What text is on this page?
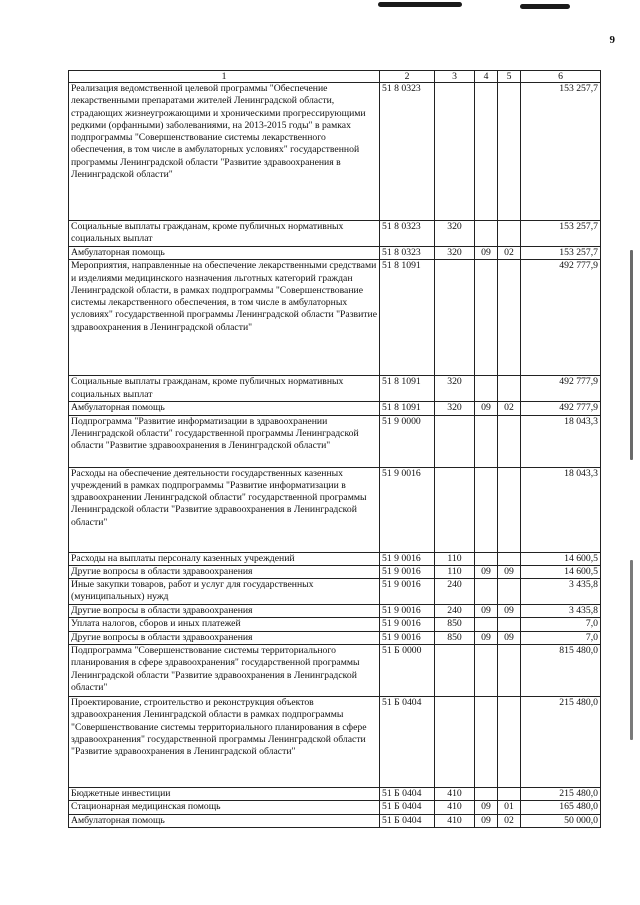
9
1	2	3	4	5	6
Реализация ведомственной целевой программы "Обеспечение лекарственными препаратами жителей Ленинградской области, страдающих жизнеугрожающими и хроническими прогрессирующими редкими (орфанными) заболеваниями, на 2013-2015 годы" в рамках подпрограммы "Совершенствование системы лекарственного обеспечения, в том числе в амбулаторных условиях" государственной программы Ленинградской области "Развитие здравоохранения в Ленинградской области"	51 8 0323				153 257,7
Социальные выплаты гражданам, кроме публичных нормативных социальных выплат	51 8 0323	320			153 257,7
Амбулаторная помощь	51 8 0323	320	09	02	153 257,7
Мероприятия, направленные на обеспечение лекарственными средствами и изделиями медицинского назначения льготных категорий граждан Ленинградской области, в рамках подпрограммы "Совершенствование системы лекарственного обеспечения, в том числе в амбулаторных условиях" государственной программы Ленинградской области "Развитие здравоохранения в Ленинградской области"	51 8 1091				492 777,9
Социальные выплаты гражданам, кроме публичных нормативных социальных выплат	51 8 1091	320			492 777,9
Амбулаторная помощь	51 8 1091	320	09	02	492 777,9
Подпрограмма "Развитие информатизации в здравоохранении Ленинградской области" государственной программы Ленинградской области "Развитие здравоохранения в Ленинградской области"	51 9 0000				18 043,3
Расходы на обеспечение деятельности государственных казенных учреждений в рамках подпрограммы "Развитие информатизации в здравоохранении Ленинградской области" государственной программы Ленинградской области "Развитие здравоохранения в Ленинградской области"	51 9 0016				18 043,3
Расходы на выплаты персоналу казенных учреждений	51 9 0016	110			14 600,5
Другие вопросы в области здравоохранения	51 9 0016	110	09	09	14 600,5
Иные закупки товаров, работ и услуг для государственных (муниципальных) нужд	51 9 0016	240			3 435,8
Другие вопросы в области здравоохранения	51 9 0016	240	09	09	3 435,8
Уплата налогов, сборов и иных платежей	51 9 0016	850			7,0
Другие вопросы в области здравоохранения	51 9 0016	850	09	09	7,0
Подпрограмма "Совершенствование системы территориального планирования в сфере здравоохранения" государственной программы Ленинградской области "Развитие здравоохранения в Ленинградской области"	51 Б 0000				815 480,0
Проектирование, строительство и реконструкция объектов здравоохранения Ленинградской области в рамках подпрограммы "Совершенствование системы территориального планирования в сфере здравоохранения" государственной программы Ленинградской области "Развитие здравоохранения в Ленинградской области"	51 Б 0404				215 480,0
Бюджетные инвестиции	51 Б 0404	410			215 480,0
Стационарная медицинская помощь	51 Б 0404	410	09	01	165 480,0
Амбулаторная помощь	51 Б 0404	410	09	02	50 000,0
